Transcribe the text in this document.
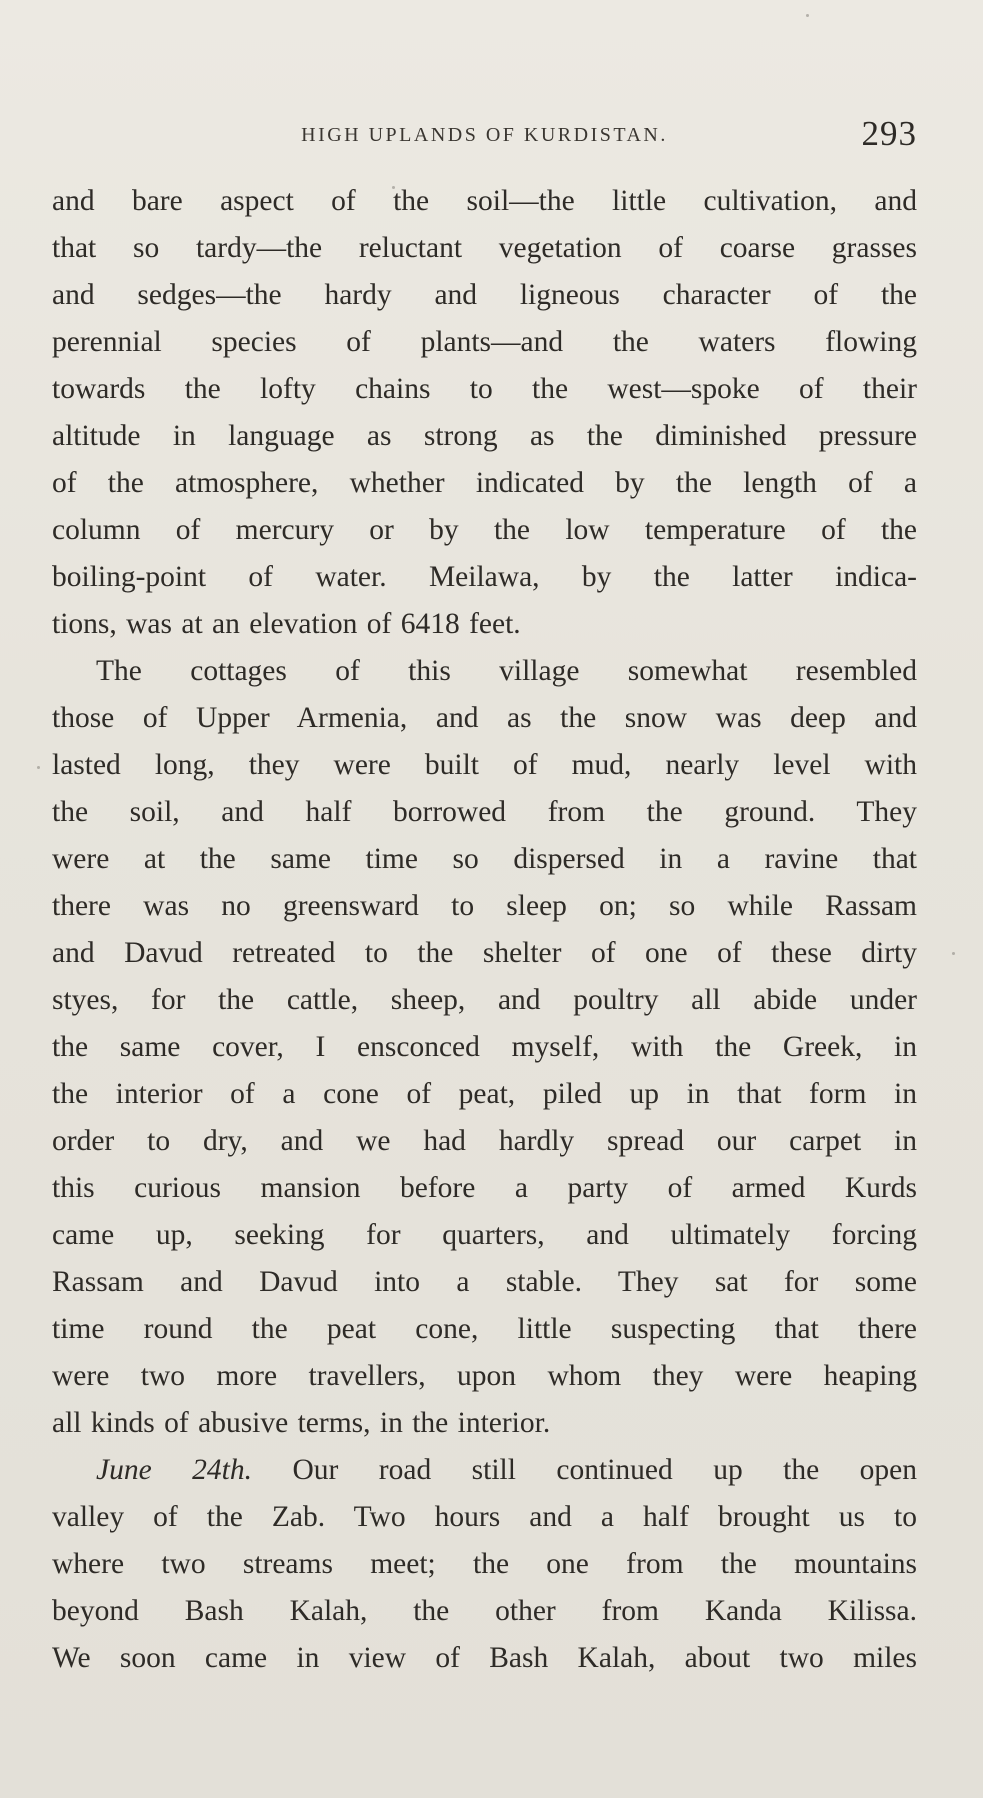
HIGH UPLANDS OF KURDISTAN.	293
and bare aspect of the soil—the little cultivation, and
that so tardy—the reluctant vegetation of coarse grasses
and sedges—the hardy and ligneous character of the
perennial species of plants—and the waters flowing
towards the lofty chains to the west—spoke of their
altitude in language as strong as the diminished pressure
of the atmosphere, whether indicated by the length of a
column of mercury or by the low temperature of the
boiling-point of water. Meilawa, by the latter indica-
tions, was at an elevation of 6418 feet.
The cottages of this village somewhat resembled
those of Upper Armenia, and as the snow was deep and
lasted long, they were built of mud, nearly level with
the soil, and half borrowed from the ground. They
were at the same time so dispersed in a ravine that
there was no greensward to sleep on; so while Rassam
and Davud retreated to the shelter of one of these dirty
styes, for the cattle, sheep, and poultry all abide under
the same cover, I ensconced myself, with the Greek, in
the interior of a cone of peat, piled up in that form in
order to dry, and we had hardly spread our carpet in
this curious mansion before a party of armed Kurds
came up, seeking for quarters, and ultimately forcing
Rassam and Davud into a stable. They sat for some
time round the peat cone, little suspecting that there
were two more travellers, upon whom they were heaping
all kinds of abusive terms, in the interior.
June 24th. Our road still continued up the open
valley of the Zab. Two hours and a half brought us to
where two streams meet; the one from the mountains
beyond Bash Kalah, the other from Kanda Kilissa.
We soon came in view of Bash Kalah, about two miles
